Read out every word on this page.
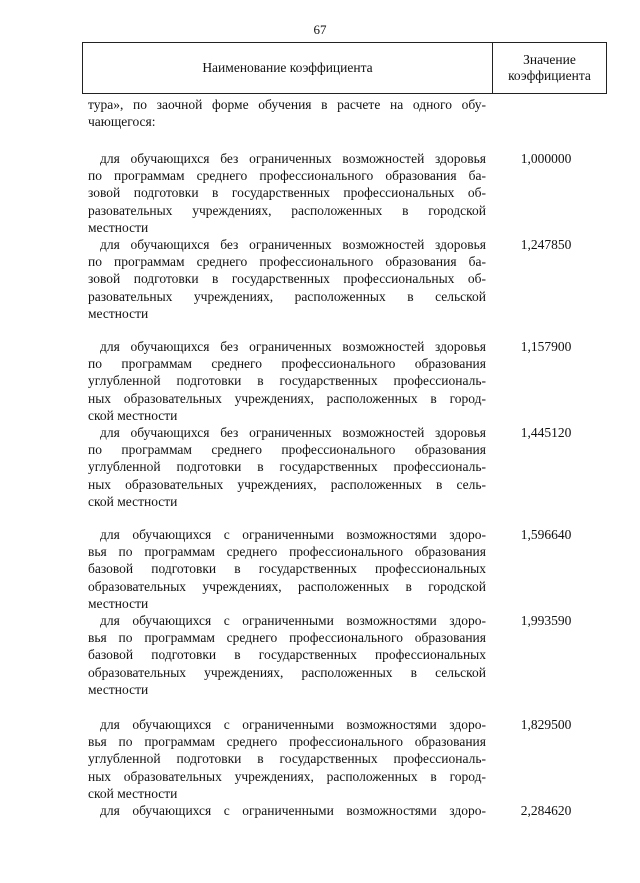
67
Наименование коэффициента
Значение
коэффициента
тура», по заочной форме обучения в расчете на одного обу-
чающегося:
для обучающихся без ограниченных возможностей здоровья
по программам среднего профессионального образования ба-
зовой подготовки в государственных профессиональных об-
разовательных учреждениях, расположенных в городской
местности
1,000000
для обучающихся без ограниченных возможностей здоровья
по программам среднего профессионального образования ба-
зовой подготовки в государственных профессиональных об-
разовательных учреждениях, расположенных в сельской
местности
1,247850
для обучающихся без ограниченных возможностей здоровья
по программам среднего профессионального образования
углубленной подготовки в государственных профессиональ-
ных образовательных учреждениях, расположенных в город-
ской местности
1,157900
для обучающихся без ограниченных возможностей здоровья
по программам среднего профессионального образования
углубленной подготовки в государственных профессиональ-
ных образовательных учреждениях, расположенных в сель-
ской местности
1,445120
для обучающихся с ограниченными возможностями здоро-
вья по программам среднего профессионального образования
базовой подготовки в государственных профессиональных
образовательных учреждениях, расположенных в городской
местности
1,596640
для обучающихся с ограниченными возможностями здоро-
вья по программам среднего профессионального образования
базовой подготовки в государственных профессиональных
образовательных учреждениях, расположенных в сельской
местности
1,993590
для обучающихся с ограниченными возможностями здоро-
вья по программам среднего профессионального образования
углубленной подготовки в государственных профессиональ-
ных образовательных учреждениях, расположенных в город-
ской местности
1,829500
для обучающихся с ограниченными возможностями здоро-	2,284620
